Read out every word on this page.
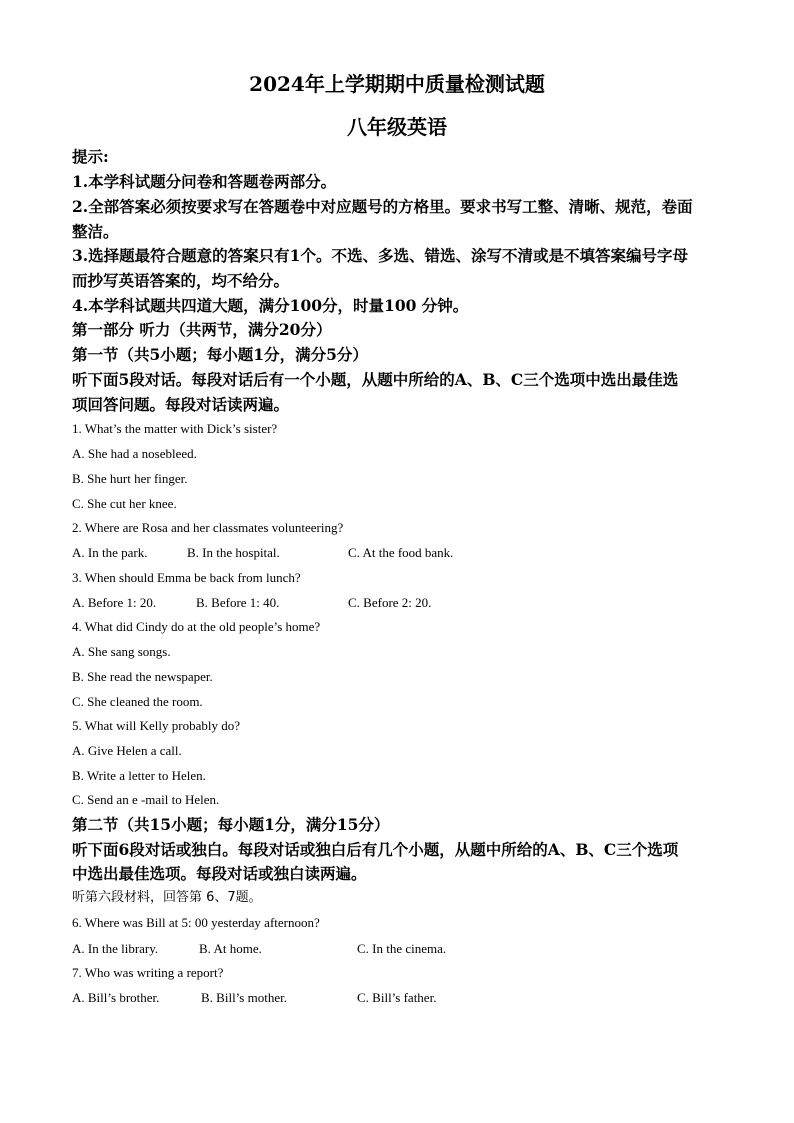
2024年上学期期中质量检测试题
八年级英语
提示:
1.本学科试题分问卷和答题卷两部分。
2.全部答案必须按要求写在答题卷中对应题号的方格里。要求书写工整、清晰、规范，卷面
整洁。
3.选择题最符合题意的答案只有1个。不选、多选、错选、涂写不清或是不填答案编号字母
而抄写英语答案的，均不给分。
4.本学科试题共四道大题，满分100分，时量100 分钟。
第一部分 听力（共两节，满分20分）
第一节（共5小题；每小题1分，满分5分）
听下面5段对话。每段对话后有一个小题，从题中所给的A、B、C三个选项中选出最佳选
项回答问题。每段对话读两遍。
1. What’s the matter with Dick’s sister?
A. She had a nosebleed.
B. She hurt her finger.
C. She cut her knee.
2. Where are Rosa and her classmates volunteering?
A. In the park.	B. In the hospital.	C. At the food bank.
3. When should Emma be back from lunch?
A. Before 1: 20.	B. Before 1: 40.	C. Before 2: 20.
4. What did Cindy do at the old people’s home?
A. She sang songs.
B. She read the newspaper.
C. She cleaned the room.
5. What will Kelly probably do?
A. Give Helen a call.
B. Write a letter to Helen.
C. Send an e -mail to Helen.
第二节（共15小题；每小题1分，满分15分）
听下面6段对话或独白。每段对话或独白后有几个小题，从题中所给的A、B、C三个选项
中选出最佳选项。每段对话或独白读两遍。
听第六段材料，回答第 6、7题。
6. Where was Bill at 5: 00 yesterday afternoon?
A. In the library.	B. At home.	C. In the cinema.
7. Who was writing a report?
A. Bill’s brother.	B. Bill’s mother.	C. Bill’s father.
